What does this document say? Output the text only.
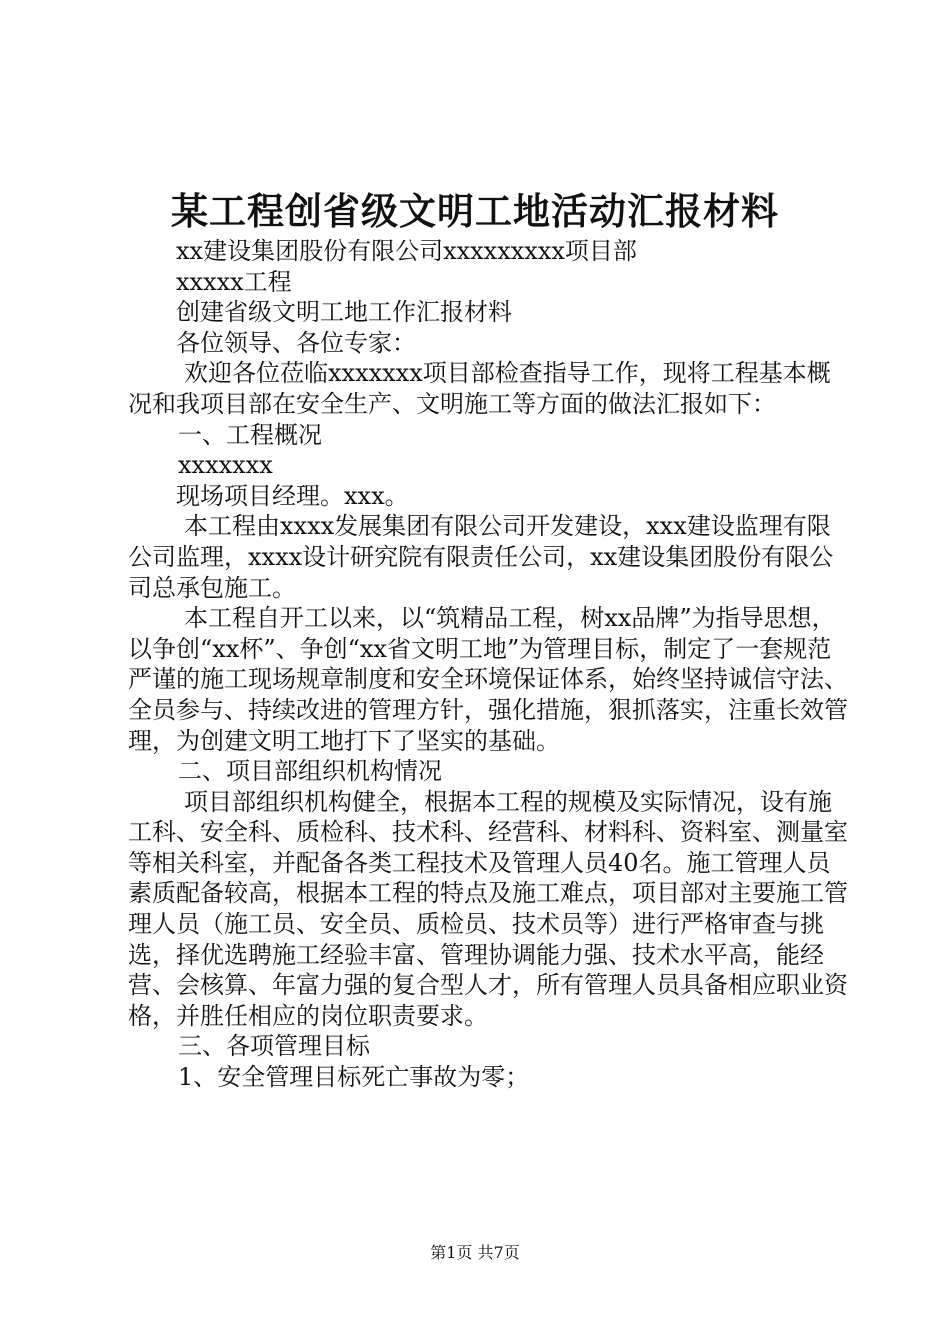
某工程创省级文明工地活动汇报材料

xx建设集团股份有限公司xxxxxxxxx项目部

xxxxx工程

创建省级文明工地工作汇报材料

各位领导、各位专家：

欢迎各位莅临xxxxxxx项目部检查指导工作，现将工程基本概况和我项目部在安全生产、文明施工等方面的做法汇报如下：

一、工程概况

xxxxxxx

现场项目经理。xxx。

本工程由xxxx发展集团有限公司开发建设，xxx建设监理有限公司监理，xxxx设计研究院有限责任公司，xx建设集团股份有限公司总承包施工。

本工程自开工以来，以“筑精品工程，树xx品牌”为指导思想，以争创“xx杯”、争创“xx省文明工地”为管理目标，制定了一套规范严谨的施工现场规章制度和安全环境保证体系，始终坚持诚信守法、全员参与、持续改进的管理方针，强化措施，狠抓落实，注重长效管理，为创建文明工地打下了坚实的基础。

二、项目部组织机构情况

项目部组织机构健全，根据本工程的规模及实际情况，设有施工科、安全科、质检科、技术科、经营科、材料科、资料室、测量室等相关科室，并配备各类工程技术及管理人员40名。施工管理人员素质配备较高，根据本工程的特点及施工难点，项目部对主要施工管理人员（施工员、安全员、质检员、技术员等）进行严格审查与挑选，择优选聘施工经验丰富、管理协调能力强、技术水平高，能经营、会核算、年富力强的复合型人才，所有管理人员具备相应职业资格，并胜任相应的岗位职责要求。

三、各项管理目标

1、安全管理目标死亡事故为零；

第1页 共7页
